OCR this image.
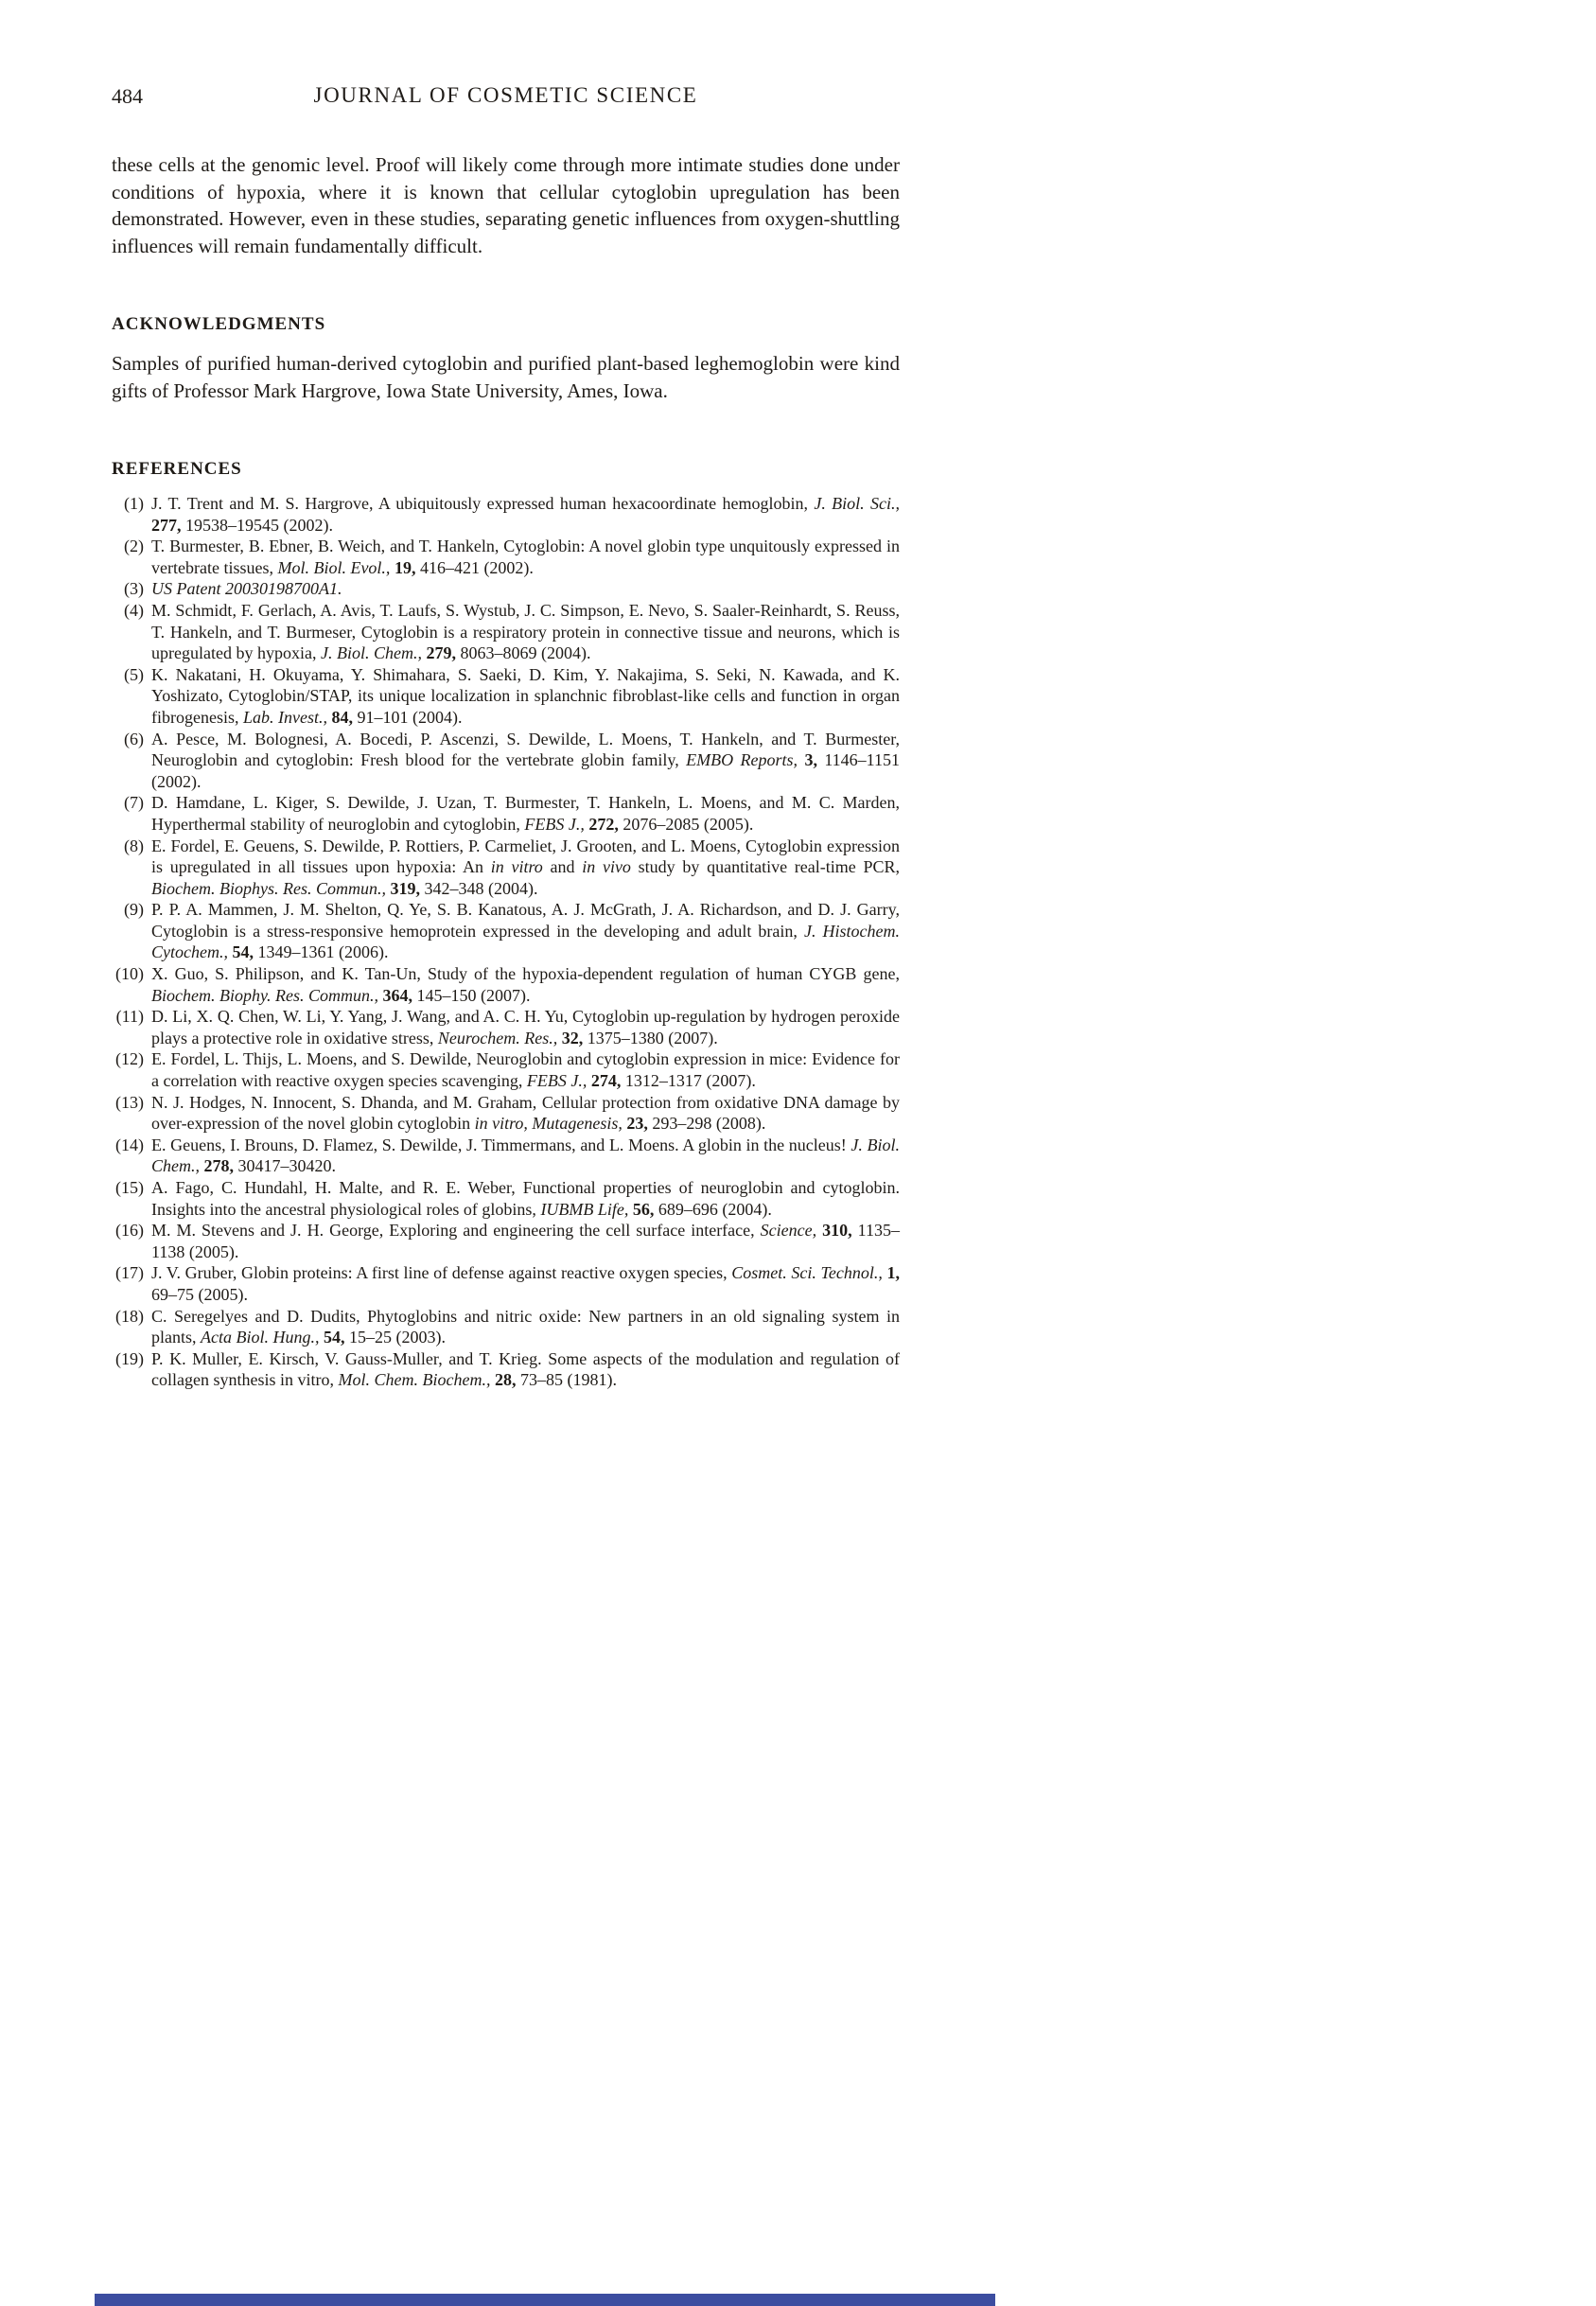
484	JOURNAL OF COSMETIC SCIENCE

these cells at the genomic level. Proof will likely come through more intimate studies done under conditions of hypoxia, where it is known that cellular cytoglobin upregulation has been demonstrated. However, even in these studies, separating genetic influences from oxygen-shuttling influences will remain fundamentally difficult.

ACKNOWLEDGMENTS

Samples of purified human-derived cytoglobin and purified plant-based leghemoglobin were kind gifts of Professor Mark Hargrove, Iowa State University, Ames, Iowa.

REFERENCES
(1) J. T. Trent and M. S. Hargrove, A ubiquitously expressed human hexacoordinate hemoglobin, J. Biol. Sci., 277, 19538–19545 (2002).
(2) T. Burmester, B. Ebner, B. Weich, and T. Hankeln, Cytoglobin: A novel globin type unquitously expressed in vertebrate tissues, Mol. Biol. Evol., 19, 416–421 (2002).
(3) US Patent 20030198700A1.
(4) M. Schmidt, F. Gerlach, A. Avis, T. Laufs, S. Wystub, J. C. Simpson, E. Nevo, S. Saaler-Reinhardt, S. Reuss, T. Hankeln, and T. Burmeser, Cytoglobin is a respiratory protein in connective tissue and neurons, which is upregulated by hypoxia, J. Biol. Chem., 279, 8063–8069 (2004).
(5) K. Nakatani, H. Okuyama, Y. Shimahara, S. Saeki, D. Kim, Y. Nakajima, S. Seki, N. Kawada, and K. Yoshizato, Cytoglobin/STAP, its unique localization in splanchnic fibroblast-like cells and function in organ fibrogenesis, Lab. Invest., 84, 91–101 (2004).
(6) A. Pesce, M. Bolognesi, A. Bocedi, P. Ascenzi, S. Dewilde, L. Moens, T. Hankeln, and T. Burmester, Neuroglobin and cytoglobin: Fresh blood for the vertebrate globin family, EMBO Reports, 3, 1146–1151 (2002).
(7) D. Hamdane, L. Kiger, S. Dewilde, J. Uzan, T. Burmester, T. Hankeln, L. Moens, and M. C. Marden, Hyperthermal stability of neuroglobin and cytoglobin, FEBS J., 272, 2076–2085 (2005).
(8) E. Fordel, E. Geuens, S. Dewilde, P. Rottiers, P. Carmeliet, J. Grooten, and L. Moens, Cytoglobin expression is upregulated in all tissues upon hypoxia: An in vitro and in vivo study by quantitative real-time PCR, Biochem. Biophys. Res. Commun., 319, 342–348 (2004).
(9) P. P. A. Mammen, J. M. Shelton, Q. Ye, S. B. Kanatous, A. J. McGrath, J. A. Richardson, and D. J. Garry, Cytoglobin is a stress-responsive hemoprotein expressed in the developing and adult brain, J. Histochem. Cytochem., 54, 1349–1361 (2006).
(10) X. Guo, S. Philipson, and K. Tan-Un, Study of the hypoxia-dependent regulation of human CYGB gene, Biochem. Biophy. Res. Commun., 364, 145–150 (2007).
(11) D. Li, X. Q. Chen, W. Li, Y. Yang, J. Wang, and A. C. H. Yu, Cytoglobin up-regulation by hydrogen peroxide plays a protective role in oxidative stress, Neurochem. Res., 32, 1375–1380 (2007).
(12) E. Fordel, L. Thijs, L. Moens, and S. Dewilde, Neuroglobin and cytoglobin expression in mice: Evidence for a correlation with reactive oxygen species scavenging, FEBS J., 274, 1312–1317 (2007).
(13) N. J. Hodges, N. Innocent, S. Dhanda, and M. Graham, Cellular protection from oxidative DNA damage by over-expression of the novel globin cytoglobin in vitro, Mutagenesis, 23, 293–298 (2008).
(14) E. Geuens, I. Brouns, D. Flamez, S. Dewilde, J. Timmermans, and L. Moens. A globin in the nucleus! J. Biol. Chem., 278, 30417–30420.
(15) A. Fago, C. Hundahl, H. Malte, and R. E. Weber, Functional properties of neuroglobin and cytoglobin. Insights into the ancestral physiological roles of globins, IUBMB Life, 56, 689–696 (2004).
(16) M. M. Stevens and J. H. George, Exploring and engineering the cell surface interface, Science, 310, 1135–1138 (2005).
(17) J. V. Gruber, Globin proteins: A first line of defense against reactive oxygen species, Cosmet. Sci. Technol., 1, 69–75 (2005).
(18) C. Seregelyes and D. Dudits, Phytoglobins and nitric oxide: New partners in an old signaling system in plants, Acta Biol. Hung., 54, 15–25 (2003).
(19) P. K. Muller, E. Kirsch, V. Gauss-Muller, and T. Krieg. Some aspects of the modulation and regulation of collagen synthesis in vitro, Mol. Chem. Biochem., 28, 73–85 (1981).
